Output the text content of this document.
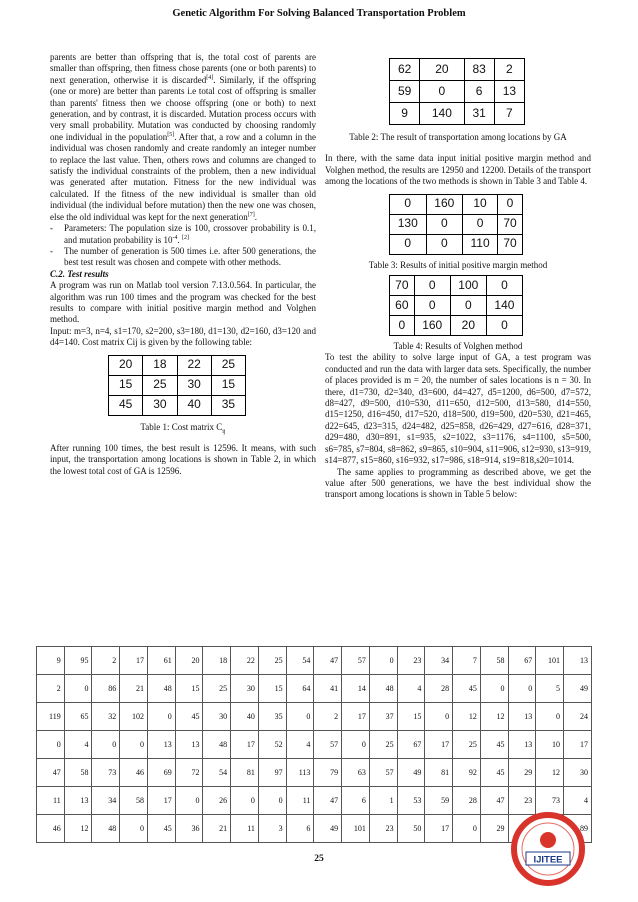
Genetic Algorithm For Solving Balanced Transportation Problem

parents are better than offspring that is, the total cost of parents are smaller than offspring, then fitness chose parents (one or both parents) to next generation, otherwise it is discarded[4]. Similarly, if the offspring (one or more) are better than parents i.e total cost of offspring is smaller than parents' fitness then we choose offspring (one or both) to next generation, and by contrast, it is discarded. Mutation process occurs with very small probability. Mutation was conducted by choosing randomly one individual in the population[5]. After that, a row and a column in the individual was chosen randomly and create randomly an integer number to replace the last value. Then, others rows and columns are changed to satisfy the individual constraints of the problem, then a new individual was generated after mutation. Fitness for the new individual was calculated. If the fitness of the new individual is smaller than old individual (the individual before mutation) then the new one was chosen, else the old individual was kept for the next generation[7].

-	Parameters: The population size is 100, crossover probability is 0.1, and mutation probability is $10^{-4}$. [2]
-	The number of generation is 500 times i.e. after 500 generations, the best test result was chosen and compete with other methods.

C.2. Test results

A program was run on Matlab tool version 7.13.0.564. In particular, the algorithm was run 100 times and the program was checked for the best results to compare with initial positive margin method and Volghen method.

Input: m=3, n=4, s1=170, s2=200, s3=180, d1=130, d2=160, d3=120 and d4=140. Cost matrix Cij is given by the following table:

20	18	22	25
15	25	30	15
45	30	40	35

Table 1: Cost matrix $C_{ij}$

After running 100 times, the best result is 12596. It means, with such input, the transportation among locations is shown in Table 2, in which the lowest total cost of GA is 12596.

62	20	83	2
59	0	6	13
9	140	31	7

Table 2: The result of transportation among locations by GA

In there, with the same data input initial positive margin method and Volghen method, the results are 12950 and 12200. Details of the transport among the locations of the two methods is shown in Table 3 and Table 4.

0	160	10	0
130	0	0	70
0	0	110	70

Table 3: Results of initial positive margin method

70	0	100	0
60	0	0	140
0	160	20	0

Table 4: Results of Volghen method

To test the ability to solve large input of GA, a test program was conducted and run the data with larger data sets. Specifically, the number of places provided is m = 20, the number of sales locations is n = 30. In there, d1=730, d2=340, d3=600, d4=427, d5=1200, d6=500, d7=572, d8=427, d9=500, d10=530, d11=650, d12=500, d13=580, d14=550, d15=1250, d16=450, d17=520, d18=500, d19=500, d20=530, d21=465, d22=645, d23=315, d24=482, d25=858, d26=429, d27=616, d28=371, d29=480, d30=891, s1=935, s2=1022, s3=1176, s4=1100, s5=500, s6=785, s7=804, s8=862, s9=865, s10=904, s11=906, s12=930, s13=919, s14=877, s15=860, s16=932, s17=986, s18=914, s19=818,s20=1014.

The same applies to programming as described above, we get the value after 500 generations, we have the best individual show the transport among locations is shown in Table 5 below:

9	95	2	17	61	20	18	22	25	54	47	57	0	23	34	7	58	67	101	13
2	0	86	21	48	15	25	30	15	64	41	14	48	4	28	45	0	0	5	49
119	65	32	102	0	45	30	40	35	0	2	17	37	15	0	12	12	13	0	24
0	4	0	0	13	13	48	17	52	4	57	0	25	67	17	25	45	13	10	17
47	58	73	46	69	72	54	81	97	113	79	63	57	49	81	92	45	29	12	30
11	13	34	58	17	0	26	0	0	11	47	6	1	53	59	28	47	23	73	4
46	12	48	0	45	36	21	11	3	6	49	101	23	50	17	0	29			89
25	IJITEE
